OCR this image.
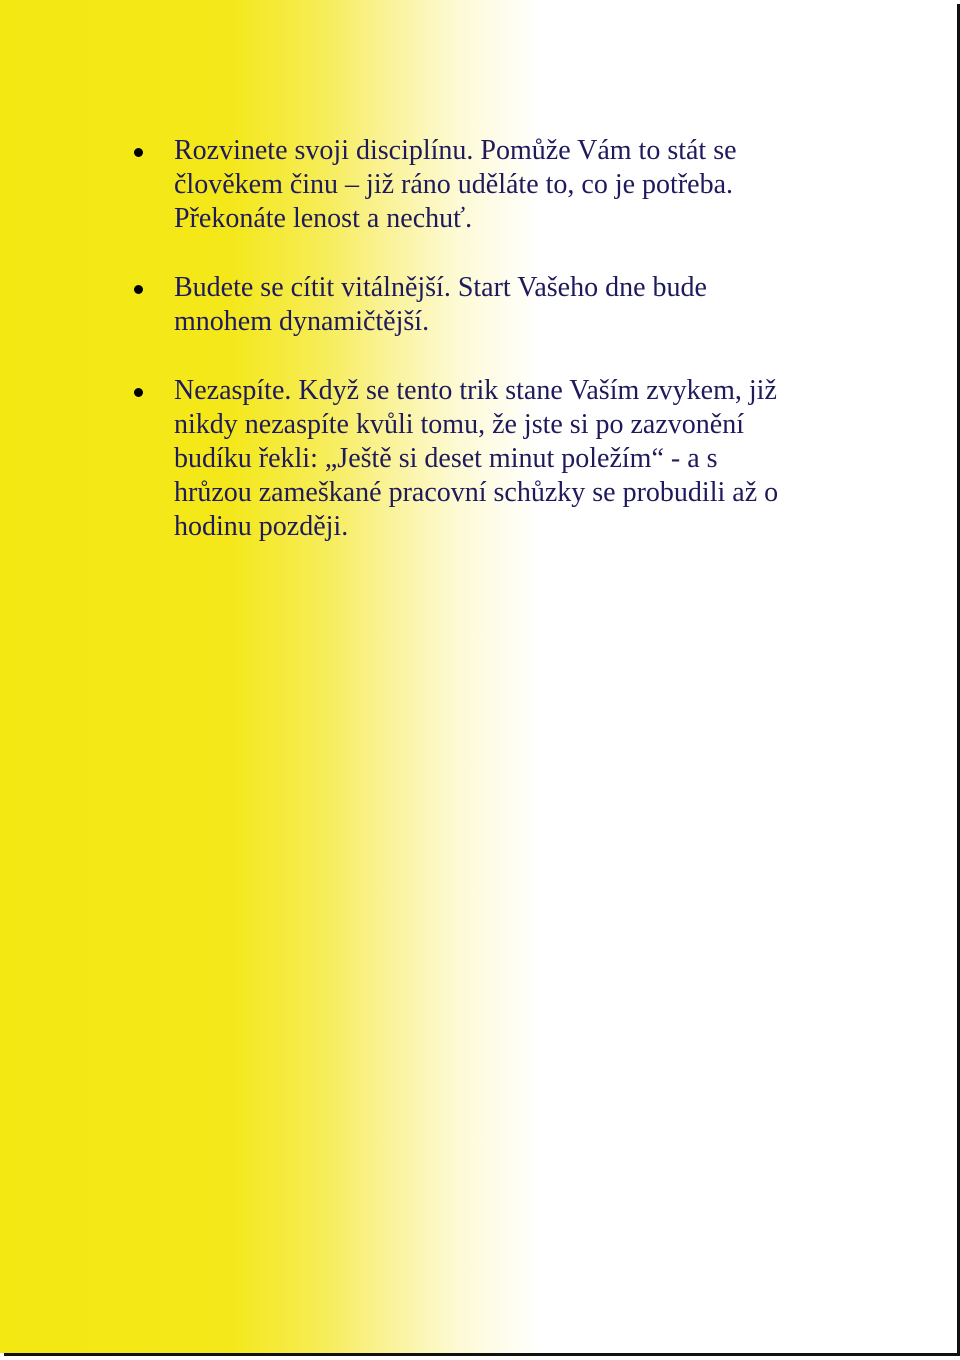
Rozvinete svoji disciplínu. Pomůže Vám to stát se
člověkem činu – již ráno uděláte to, co je potřeba.
Překonáte lenost a nechuť.
Budete se cítit vitálnější. Start Vašeho dne bude
mnohem dynamičtější.
Nezaspíte. Když se tento trik stane Vaším zvykem, již
nikdy nezaspíte kvůli tomu, že jste si po zazvonění
budíku řekli: „Ještě si deset minut poležím“ - a s
hrůzou zameškané pracovní schůzky se probudili až o
hodinu později.
